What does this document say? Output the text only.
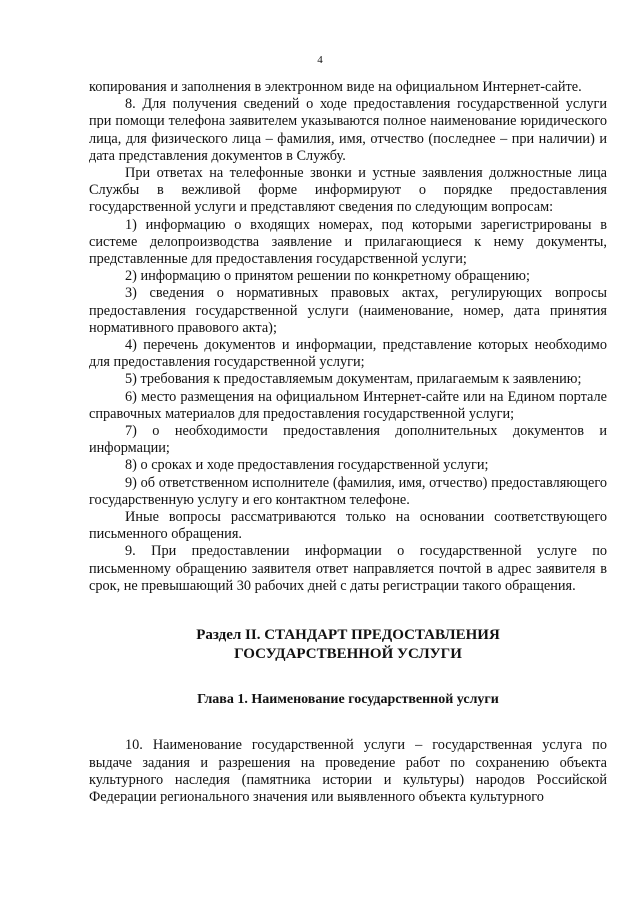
4

копирования и заполнения в электронном виде на официальном Интернет-сайте.

8. Для получения сведений о ходе предоставления государственной услуги при помощи телефона заявителем указываются полное наименование юридического лица, для физического лица – фамилия, имя, отчество (последнее – при наличии) и дата представления документов в Службу.

При ответах на телефонные звонки и устные заявления должностные лица Службы в вежливой форме информируют о порядке предоставления государственной услуги и представляют сведения по следующим вопросам:

1) информацию о входящих номерах, под которыми зарегистрированы в системе делопроизводства заявление и прилагающиеся к нему документы, представленные для предоставления государственной услуги;

2) информацию о принятом решении по конкретному обращению;

3) сведения о нормативных правовых актах, регулирующих вопросы предоставления государственной услуги (наименование, номер, дата принятия нормативного правового акта);

4) перечень документов и информации, представление которых необходимо для предоставления государственной услуги;

5) требования к предоставляемым документам, прилагаемым к заявлению;

6) место размещения на официальном Интернет-сайте или на Едином портале справочных материалов для предоставления государственной услуги;

7) о необходимости предоставления дополнительных документов и информации;

8) о сроках и ходе предоставления государственной услуги;

9) об ответственном исполнителе (фамилия, имя, отчество) предоставляющего государственную услугу и его контактном телефоне.

Иные вопросы рассматриваются только на основании соответствующего письменного обращения.

9. При предоставлении информации о государственной услуге по письменному обращению заявителя ответ направляется почтой в адрес заявителя в срок, не превышающий 30 рабочих дней с даты регистрации такого обращения.

Раздел II. СТАНДАРТ ПРЕДОСТАВЛЕНИЯ
ГОСУДАРСТВЕННОЙ УСЛУГИ

Глава 1. Наименование государственной услуги

10. Наименование государственной услуги – государственная услуга по выдаче задания и разрешения на проведение работ по сохранению объекта культурного наследия (памятника истории и культуры) народов Российской Федерации регионального значения или выявленного объекта культурного
